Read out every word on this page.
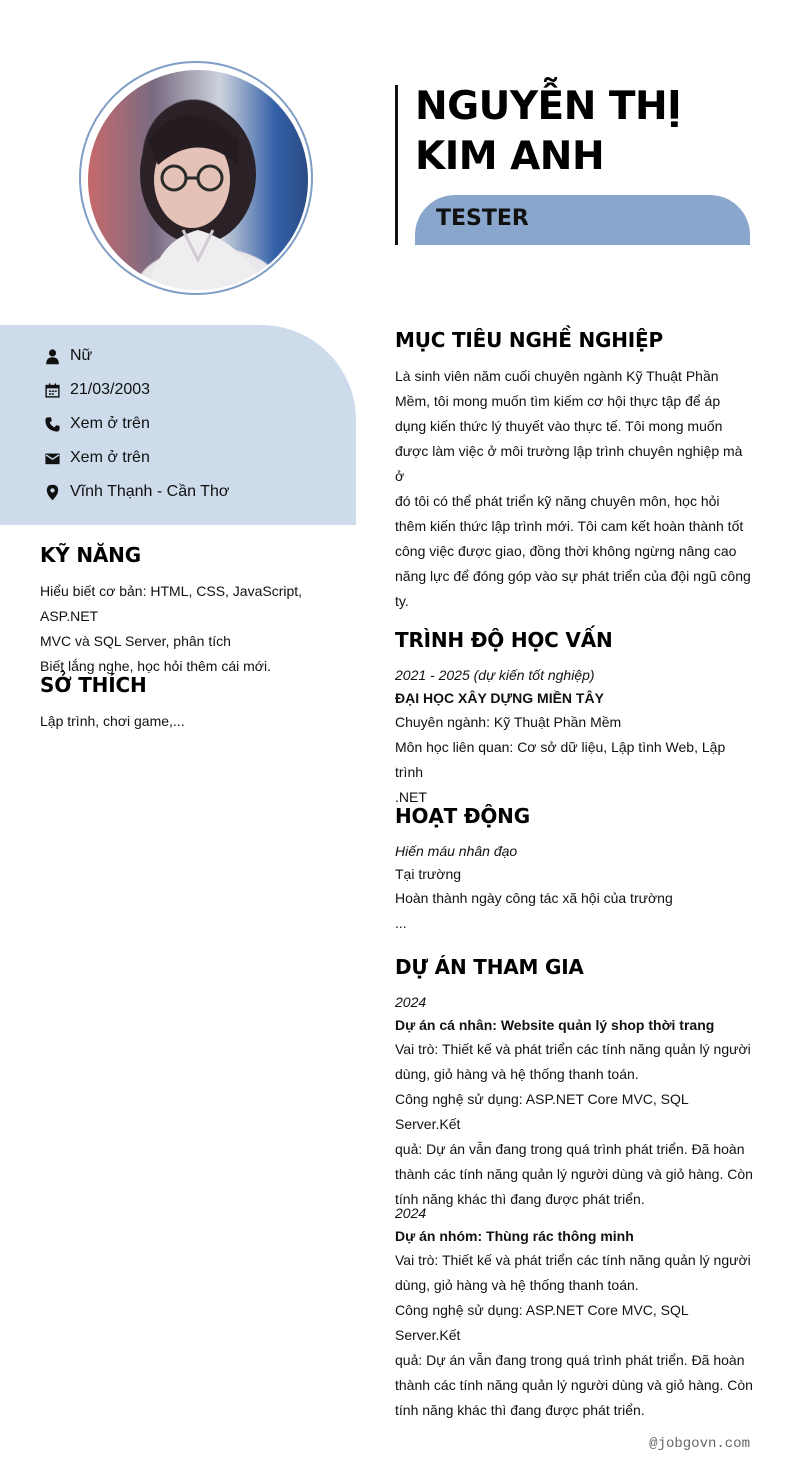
NGUYỄN THỊ KIM ANH
TESTER
Nữ
21/03/2003
Xem ở trên
Xem ở trên
Vĩnh Thạnh - Cần Thơ
KỸ NĂNG

Hiểu biết cơ bản: HTML, CSS, JavaScript, ASP.NET
MVC và SQL Server, phân tích
Biết lắng nghe, học hỏi thêm cái mới.

SỞ THÍCH

Lập trình, chơi game,...

MỤC TIÊU NGHỀ NGHIỆP

Là sinh viên năm cuối chuyên ngành Kỹ Thuật Phần
Mềm, tôi mong muốn tìm kiếm cơ hội thực tập để áp
dụng kiến thức lý thuyết vào thực tế. Tôi mong muốn
được làm việc ở môi trường lập trình chuyên nghiệp mà ở
đó tôi có thể phát triển kỹ năng chuyên môn, học hỏi
thêm kiến thức lập trình mới. Tôi cam kết hoàn thành tốt
công việc được giao, đồng thời không ngừng nâng cao
năng lực để đóng góp vào sự phát triển của đội ngũ công
ty.

TRÌNH ĐỘ HỌC VẤN

2021 - 2025 (dự kiến tốt nghiệp)
ĐẠI HỌC XÂY DỰNG MIỀN TÂY

Chuyên ngành: Kỹ Thuật Phần Mềm
Môn học liên quan: Cơ sở dữ liệu, Lập tình Web, Lập trình
.NET

HOẠT ĐỘNG

Hiến máu nhân đạo
Tại trường

Hoàn thành ngày công tác xã hội của trường
...

DỰ ÁN THAM GIA

2024
Dự án cá nhân: Website quản lý shop thời trang

Vai trò: Thiết kế và phát triển các tính năng quản lý người
dùng, giỏ hàng và hệ thống thanh toán.
Công nghệ sử dụng: ASP.NET Core MVC, SQL Server.Kết
quả: Dự án vẫn đang trong quá trình phát triển. Đã hoàn
thành các tính năng quản lý người dùng và giỏ hàng. Còn
tính năng khác thì đang được phát triển.

2024
Dự án nhóm: Thùng rác thông minh

Vai trò: Thiết kế và phát triển các tính năng quản lý người
dùng, giỏ hàng và hệ thống thanh toán.
Công nghệ sử dụng: ASP.NET Core MVC, SQL Server.Kết
quả: Dự án vẫn đang trong quá trình phát triển. Đã hoàn
thành các tính năng quản lý người dùng và giỏ hàng. Còn
tính năng khác thì đang được phát triển.

@jobgovn.com
